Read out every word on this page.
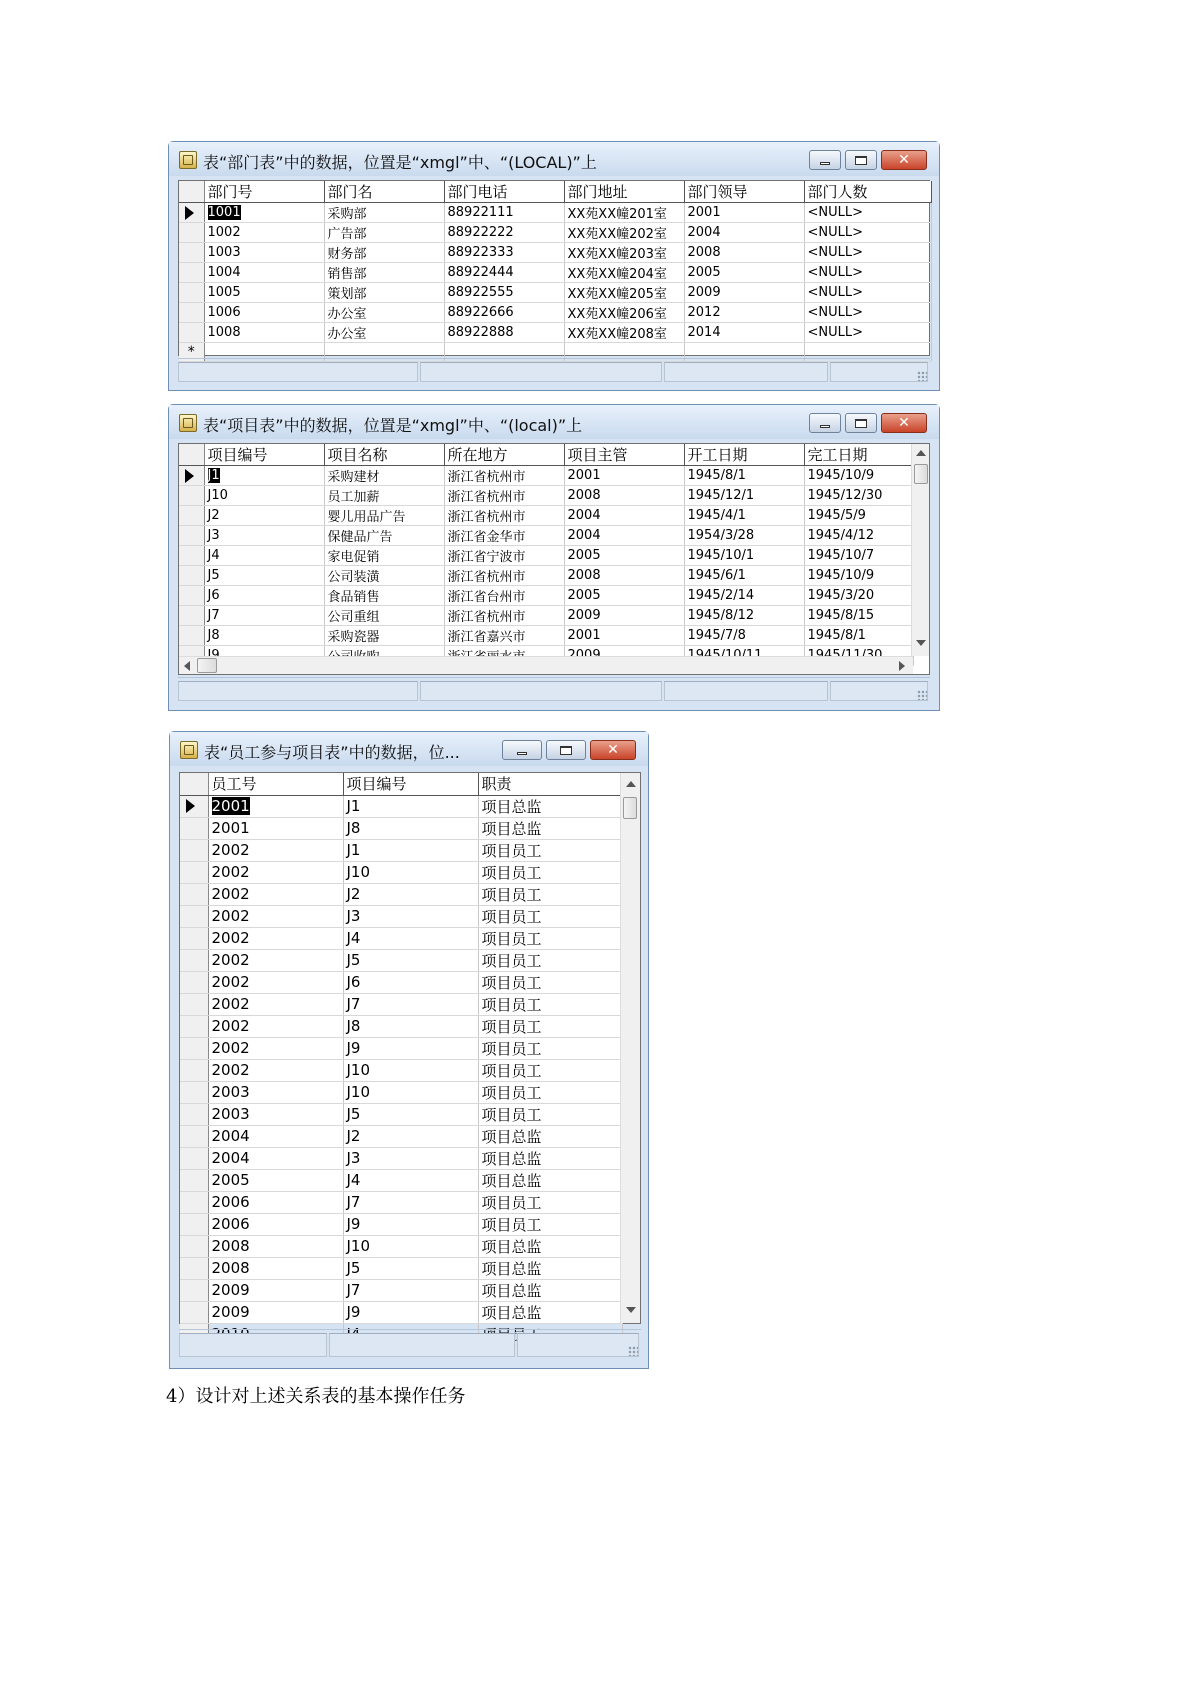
表“部门表”中的数据，位置是“xmgl”中、“(LOCAL)”上	✕
	部门号	部门名	部门电话	部门地址	部门领导	部门人数

	1001	采购部	88922111	XX苑XX幢201室	2001	<NULL>
	1002	广告部	88922222	XX苑XX幢202室	2004	<NULL>
	1003	财务部	88922333	XX苑XX幢203室	2008	<NULL>
	1004	销售部	88922444	XX苑XX幢204室	2005	<NULL>
	1005	策划部	88922555	XX苑XX幢205室	2009	<NULL>
	1006	办公室	88922666	XX苑XX幢206室	2012	<NULL>
	1008	办公室	88922888	XX苑XX幢208室	2014	<NULL>

*						

表“项目表”中的数据，位置是“xmgl”中、“(local)”上	✕
	项目编号	项目名称	所在地方	项目主管	开工日期	完工日期

	J1	采购建材	浙江省杭州市	2001	1945/8/1	1945/10/9
	J10	员工加薪	浙江省杭州市	2008	1945/12/1	1945/12/30
	J2	婴儿用品广告	浙江省杭州市	2004	1945/4/1	1945/5/9
	J3	保健品广告	浙江省金华市	2004	1954/3/28	1945/4/12
	J4	家电促销	浙江省宁波市	2005	1945/10/1	1945/10/7
	J5	公司装潢	浙江省杭州市	2008	1945/6/1	1945/10/9
	J6	食品销售	浙江省台州市	2005	1945/2/14	1945/3/20
	J7	公司重组	浙江省杭州市	2009	1945/8/12	1945/8/15
	J8	采购瓷器	浙江省嘉兴市	2001	1945/7/8	1945/8/1

表“员工参与项目表”中的数据，位...	✕
	员工号	项目编号	职责

	2001	J1	项目总监
	2001	J8	项目总监
	2002	J1	项目员工
	2002	J10	项目员工
	2002	J2	项目员工
	2002	J3	项目员工
	2002	J4	项目员工
	2002	J5	项目员工
	2002	J6	项目员工
	2002	J7	项目员工
	2002	J8	项目员工
	2002	J9	项目员工
	2002	J10	项目员工
	2003	J10	项目员工
	2003	J5	项目员工
	2004	J2	项目总监
	2004	J3	项目总监
	2005	J4	项目总监
	2006	J7	项目员工
	2006	J9	项目员工
	2008	J10	项目总监
	2008	J5	项目总监
	2009	J7	项目总监
	2009	J9	项目总监

4）设计对上述关系表的基本操作任务
